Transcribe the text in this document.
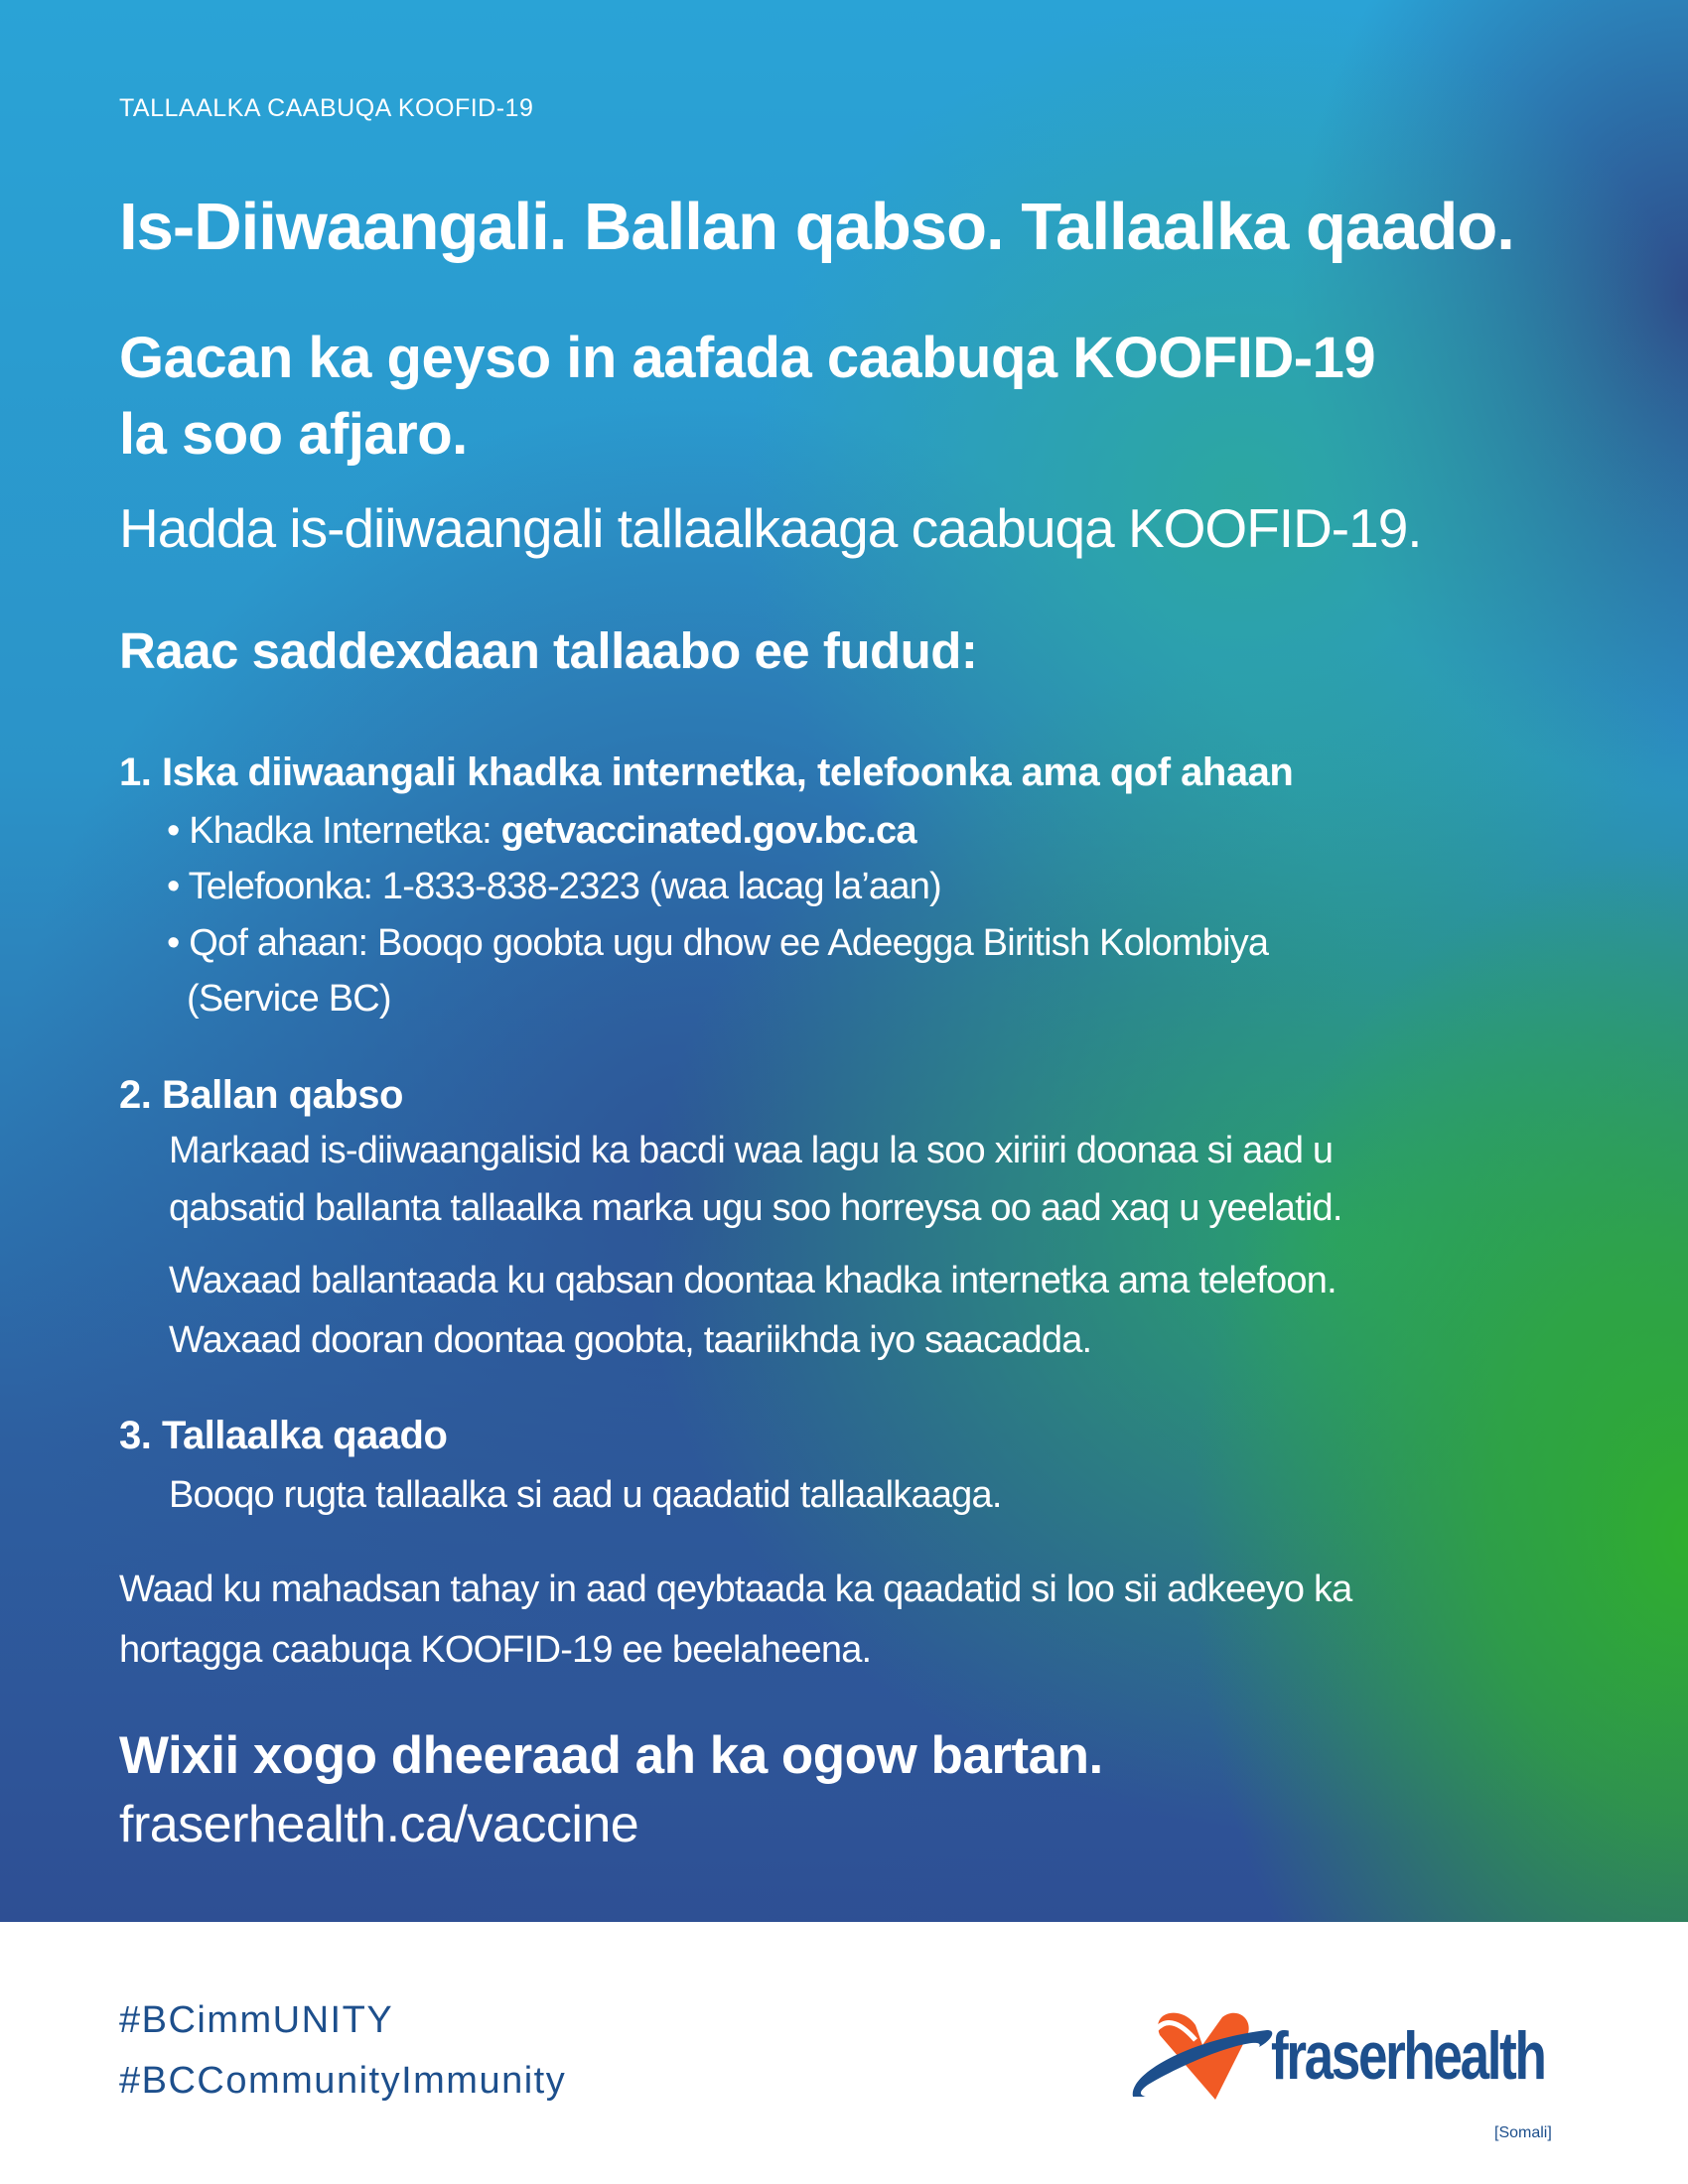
TALLAALKA CAABUQA KOOFID-19
Is-Diiwaangali. Ballan qabso. Tallaalka qaado.
Gacan ka geyso in aafada caabuqa KOOFID-19
la soo afjaro.
Hadda is-diiwaangali tallaalkaaga caabuqa KOOFID-19.
Raac saddexdaan tallaabo ee fudud:
1. Iska diiwaangali khadka internetka, telefoonka ama qof ahaan
• Khadka Internetka: getvaccinated.gov.bc.ca
• Telefoonka: 1-833-838-2323 (waa lacag la’aan)
• Qof ahaan: Booqo goobta ugu dhow ee Adeegga Biritish Kolombiya
(Service BC)
2. Ballan qabso
Markaad is-diiwaangalisid ka bacdi waa lagu la soo xiriiri doonaa si aad u
qabsatid ballanta tallaalka marka ugu soo horreysa oo aad xaq u yeelatid.
Waxaad ballantaada ku qabsan doontaa khadka internetka ama telefoon.
Waxaad dooran doontaa goobta, taariikhda iyo saacadda.
3. Tallaalka qaado
Booqo rugta tallaalka si aad u qaadatid tallaalkaaga.
Waad ku mahadsan tahay in aad qeybtaada ka qaadatid si loo sii adkeeyo ka
hortagga caabuqa KOOFID-19 ee beelaheena.
Wixii xogo dheeraad ah ka ogow bartan.
fraserhealth.ca/vaccine
#BCimmUNITY
#BCCommunityImmunity	fraserhealth
[Somali]
